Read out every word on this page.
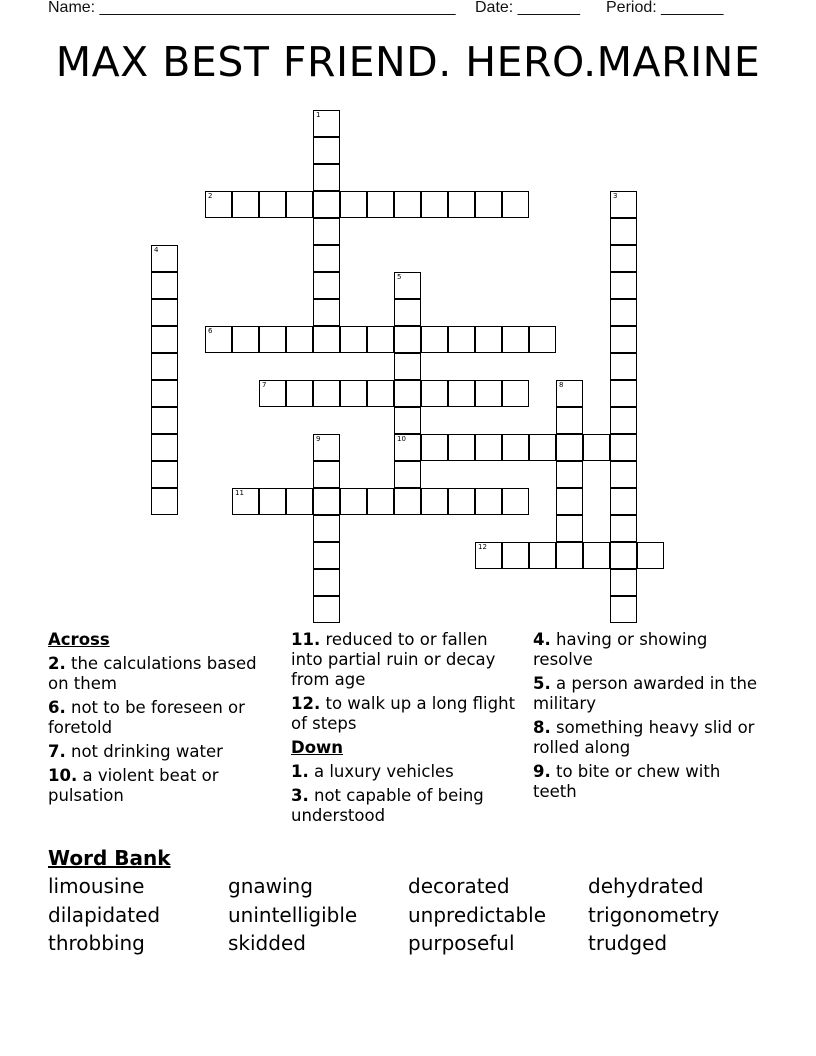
Name: ________________________________________ Date: _______ Period: _______
MAX BEST FRIEND. HERO.MARINE
1
2	3
4
5
10
6
7	8
9
11
12
Across
2. the calculations based on them
6. not to be foreseen or foretold
7. not drinking water
10. a violent beat or pulsation
11. reduced to or fallen into partial ruin or decay from age
12. to walk up a long flight of steps
Down
1. a luxury vehicles
3. not capable of being understood
4. having or showing resolve
5. a person awarded in the military
8. something heavy slid or rolled along
9. to bite or chew with teeth
Word Bank
limousine	gnawing	decorated	dehydrated
dilapidated	unintelligible	unpredictable trigonometry
throbbing	skidded	purposeful	trudged
